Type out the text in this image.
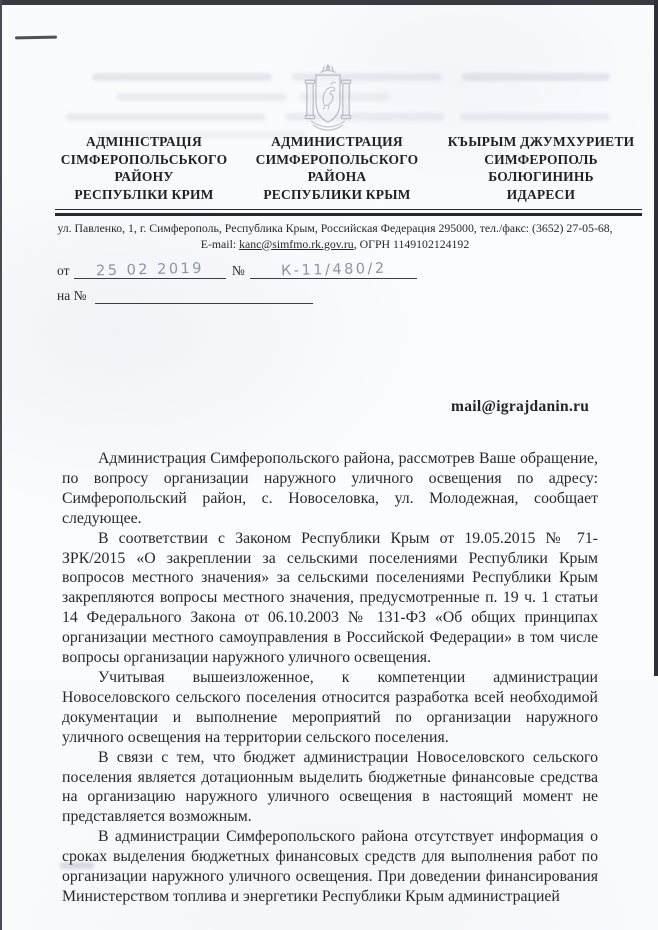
АДМІНІСТРАЦІЯ
СІМФЕРОПОЛЬСЬКОГО
РАЙОНУ
РЕСПУБЛІКИ КРИМ
АДМИНИСТРАЦИЯ
СИМФЕРОПОЛЬСКОГО
РАЙОНА
РЕСПУБЛИКИ КРЫМ
КЪЫРЫМ ДЖУМХУРИЕТИ
СИМФЕРОПОЛЬ
БОЛЮГИНИНЬ
ИДАРЕСИ
ул. Павленко, 1, г. Симферополь, Республика Крым, Российская Федерация 295000, тел./факс: (3652) 27-05-68,
E-mail: kanc@simfmo.rk.gov.ru, ОГРН 1149102124192
от	25 02 2019	№	К-11/480/2
на №
mail@igrajdanin.ru

Администрация Симферопольского района, рассмотрев Ваше обращение, по вопросу организации наружного уличного освещения по адресу: Симферопольский район, с. Новоселовка, ул. Молодежная, сообщает следующее.

В соответствии с Законом Республики Крым от 19.05.2015 № 71-ЗРК/2015 «О закреплении за сельскими поселениями Республики Крым вопросов местного значения» за сельскими поселениями Республики Крым закрепляются вопросы местного значения, предусмотренные п. 19 ч. 1 статьи 14 Федерального Закона от 06.10.2003 № 131-ФЗ «Об общих принципах организации местного самоуправления в Российской Федерации» в том числе вопросы организации наружного уличного освещения.

Учитывая вышеизложенное, к компетенции администрации Новоселовского сельского поселения относится разработка всей необходимой документации и выполнение мероприятий по организации наружного уличного освещения на территории сельского поселения.

В связи с тем, что бюджет администрации Новоселовского сельского поселения является дотационным выделить бюджетные финансовые средства на организацию наружного уличного освещения в настоящий момент не представляется возможным.

В администрации Симферопольского района отсутствует информация о сроках выделения бюджетных финансовых средств для выполнения работ по организации наружного уличного освещения. При доведении финансирования Министерством топлива и энергетики Республики Крым администрацией
